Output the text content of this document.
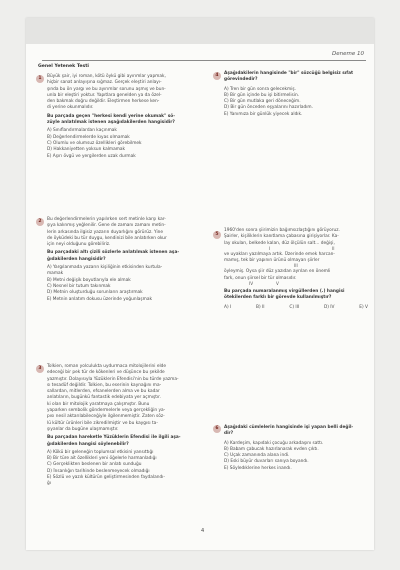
Deneme 10
Genel Yetenek Testi
1	Büyük şair, iyi roman, kötü öykü gibi ayırımlar yapmak,
hiçbir sanat anlayışına sığmaz. Gerçek eleştiri anlayı-
şında bu ön yargı ve bu ayırımlar sorunu aşmış ve bun-
unla bir eleştiri yoktur. Yapıtlara genelden ya da özel-
den bakmak doğru değildir. Eleştirmen herkese ken-
di yerine okunmalıdır.
Bu parçada geçen "herkesi kendi yerine okumak" sö-
züyle anlatılmak istenen aşağıdakilerden hangisidir?
A) Sınıflandırmalardan kaçınmak
B) Değerlendirmelerde kıyas olmamak
C) Olumlu ve olumsuz özellikleri görebilmek
D) Hakkaniyetten yoksun kalmamak
E) Aşırı övgü ve yergilerden uzak durmak
2	Bu değerlendirmelerin yapılırken sert metinle karşı kar-
şıya kalınmış yeğlenilir. Gene de zamanı zamanı metin-
lerin arkasında ilgisiz yazarın duyarlığını görürüz. Yine
de öyküdeki bu tür duygu, kendinizi bile anlatırken okur
için neyi olduğunu görebiliriz.
Bu parçadaki altı çizili sözlerle anlatılmak istenen aşa-
ğıdakilerden hangisidir?
A) Yargılanmada yazarın kişiliğinin etkisinden kurtula-
mamak
B) Metni değişik boyutlarıyla ele almak
C) Nesnel bir tutum takınmak
D) Metnin oluşturduğu sorunların araştırmak
E) Metnin anlatım dokusu üzerinde yoğunlaşmak
3	Tolkien, roman yolculukta uydurmaca mitolojilerini elde
edeceği bir pek tür de kökenleri ve düşünce bu şekilde
yazmıştır. Dolayısıyla Yüzüklerin Efendisi'nin bu türde yazma-
sı tesadüf değildir. Tolkien, bu eserinin kaynağını ma-
sallardan, mitlerden, efsanelerden alma ve bu kadar
anlatıların, bugünkü fantastik edebiyata yer açmıştır.
ki olan bir mitolojik yaratmaya çalışmıştır. Bunu
yaparken sembolik göndermelerle veya gerçekliğin ya-
pısı nesil aktarılabileceğiyle ilgilenmemiştir. Zaten söz-
lü kültür ürünleri bile zikredilmiştir ve bu kaygısı ta-
şıyanlar da bugüne ulaşmamıştır.
Bu parçadan hareketle Yüzüklerin Efendisi ile ilgili aşa-
ğıdakilerden hangisi söylenebilir?
A) Kökü bir geleneğin toplumsal etkisini yansıttığı
B) Bir türe ait özellikleri yeni öğelerle harmanladığı
C) Gerçeklikten beslenen bir anlatı sunduğu
D) İnsanlığın tarihinde beslenmeyecek olmadığı
E) Sözlü ve yazılı kültürün geliştirmesinden faydalandı-
ğı
4	Aşağıdakilerin hangisinde "bir" sözcüğü belgisiz sıfat
görevindedir?
A) Tren bir gün sonra gelecekmiş.
B) Bir gün içinde bu işi bitirmelisin.
C) Bir gün mutlaka geri döneceğim.
D) Bir gün önceden eşyalarını hazırladım.
E) Yanımıza bir günlük yiyecek aldık.
5
1960'den sonra şiirimizin bağımsızlaştığını görüyoruz.
Şairler, kişiliklerin kanıtlama çabasına girişiyorlar. Ka-
lay okuları, belkede kalan, düz ölçülün salt... değişi,
I	II
ve uyakları yazılmaya artık. Üzerinde emek harcan-
mamış, tek bir yapının ürünü olmayan şiirler
III
öyleymiş. Oysa şiir düz yazıdan ayrılan en önemli
fark, onun şiirsel bir tür olmasıdır.
IV	V
Bu parçada numaralanmış virgüllerden (.) hangisi
ötekilerden farklı bir görevde kullanılmıştır?
A) I	B) II	C) III	D) IV	E) V
6	Aşağıdaki cümlelerin hangisinde işi yapan belli değil-
dir?
A) Kardeşim, kapıdaki çocuğu arkadaşını sattı.
B) Babam çabucak hazırlanarak evden çıktı.
C) Uçak zamanında alana indi.
D) Eski büyür duvarları sanıya boyandı.
E) Söyledıklerine herkes inandı.
4
